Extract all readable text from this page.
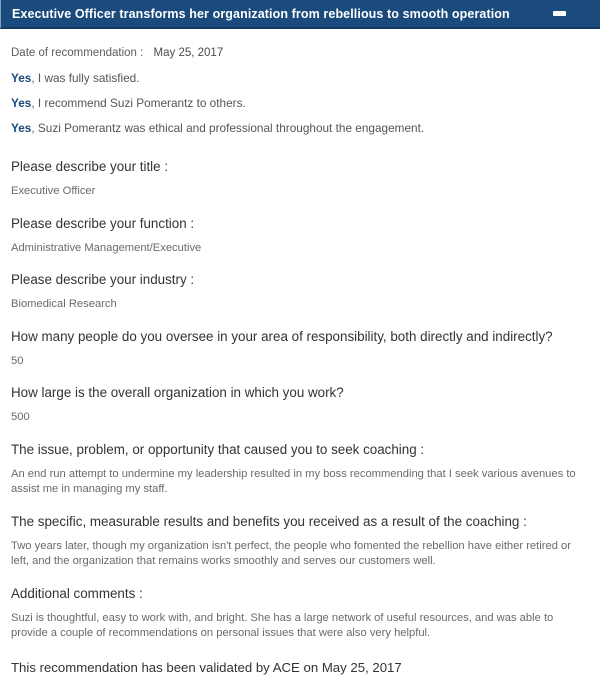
Executive Officer transforms her organization from rebellious to smooth operation

Date of recommendation : May 25, 2017

Yes, I was fully satisfied.

Yes, I recommend Suzi Pomerantz to others.

Yes, Suzi Pomerantz was ethical and professional throughout the engagement.

Please describe your title :

Executive Officer

Please describe your function :

Administrative Management/Executive

Please describe your industry :

Biomedical Research

How many people do you oversee in your area of responsibility, both directly and indirectly?

50

How large is the overall organization in which you work?

500

The issue, problem, or opportunity that caused you to seek coaching :

An end run attempt to undermine my leadership resulted in my boss recommending that I seek various avenues to assist me in managing my staff.

The specific, measurable results and benefits you received as a result of the coaching :

Two years later, though my organization isn't perfect, the people who fomented the rebellion have either retired or left, and the organization that remains works smoothly and serves our customers well.

Additional comments :

Suzi is thoughtful, easy to work with, and bright. She has a large network of useful resources, and was able to provide a couple of recommendations on personal issues that were also very helpful.

This recommendation has been validated by ACE on May 25, 2017
